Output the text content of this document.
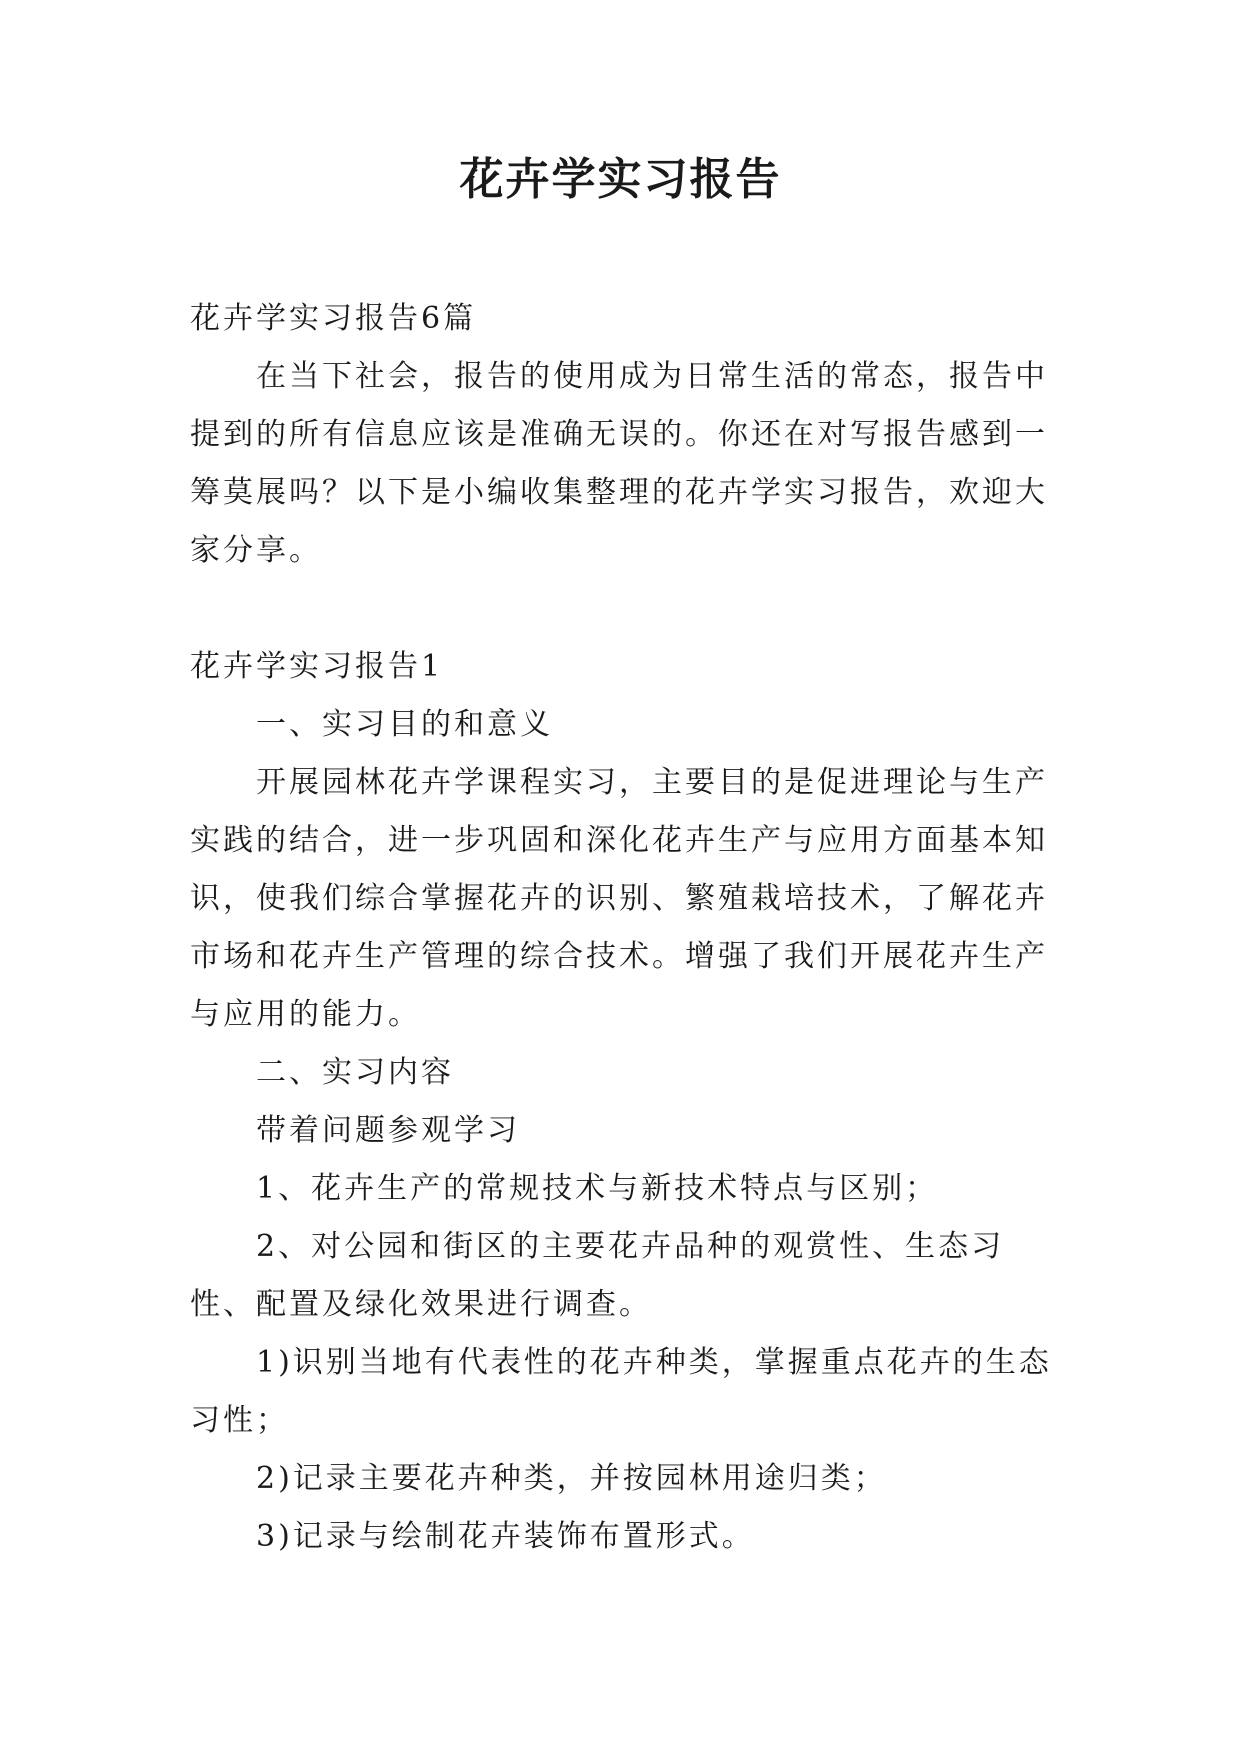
花卉学实习报告

花卉学实习报告6篇

在当下社会，报告的使用成为日常生活的常态，报告中提到的所有信息应该是准确无误的。你还在对写报告感到一筹莫展吗？以下是小编收集整理的花卉学实习报告，欢迎大家分享。

花卉学实习报告1

一、实习目的和意义

开展园林花卉学课程实习，主要目的是促进理论与生产实践的结合，进一步巩固和深化花卉生产与应用方面基本知识，使我们综合掌握花卉的识别、繁殖栽培技术，了解花卉市场和花卉生产管理的综合技术。增强了我们开展花卉生产与应用的能力。

二、实习内容

带着问题参观学习

1、花卉生产的常规技术与新技术特点与区别；

2、对公园和街区的主要花卉品种的观赏性、生态习性、配置及绿化效果进行调查。

1)识别当地有代表性的花卉种类，掌握重点花卉的生态习性；

2)记录主要花卉种类，并按园林用途归类；

3)记录与绘制花卉装饰布置形式。
